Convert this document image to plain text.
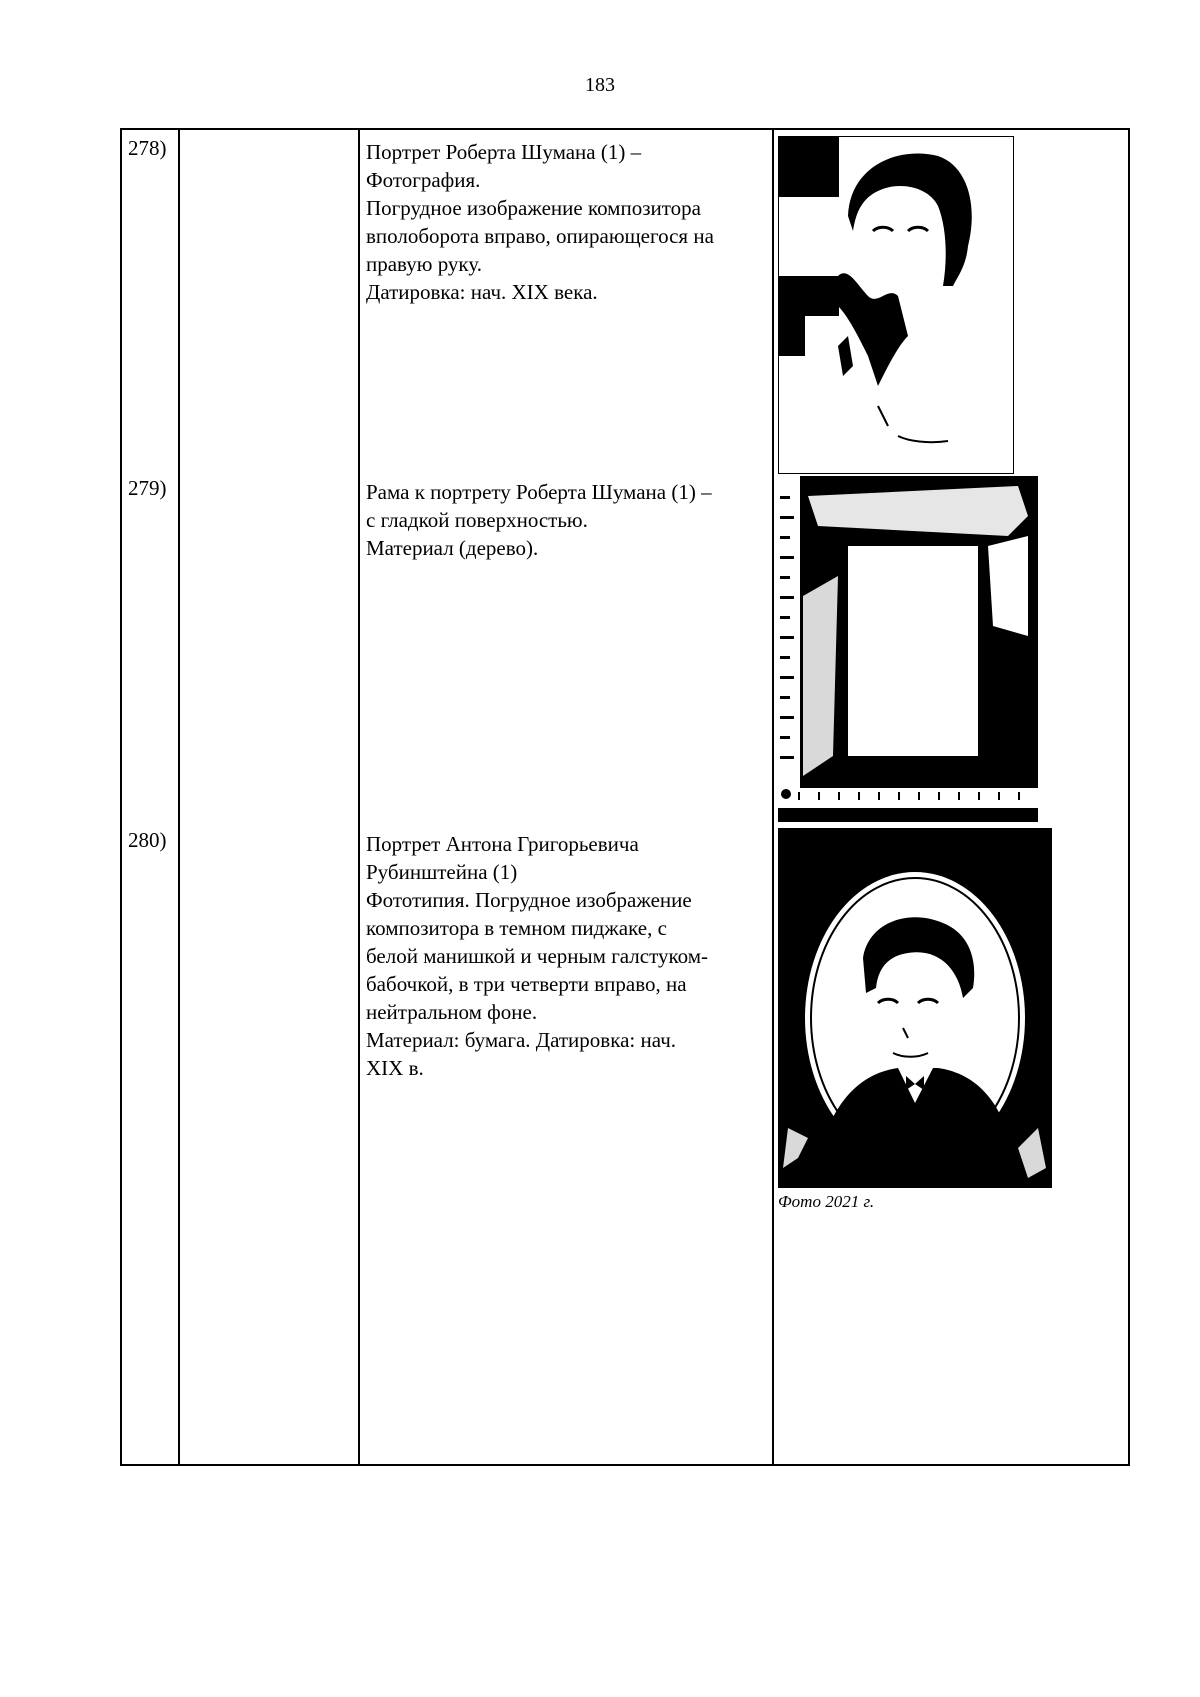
183
278)	Портрет Роберта Шумана (1) –
Фотография.
Погрудное изображение композитора
вполоборота вправо, опирающегося на
правую руку.
Датировка: нач. XIX века.
279)	Рама к портрету Роберта Шумана (1) –
с гладкой поверхностью.
Материал (дерево).
280)	Портрет Антона Григорьевича
Рубинштейна (1)
Фототипия. Погрудное изображение
композитора в темном пиджаке, с
белой манишкой и черным галстуком-
бабочкой, в три четверти вправо, на
нейтральном фоне.
Материал: бумага. Датировка: нач.
XIX в.
Фото 2021 г.
